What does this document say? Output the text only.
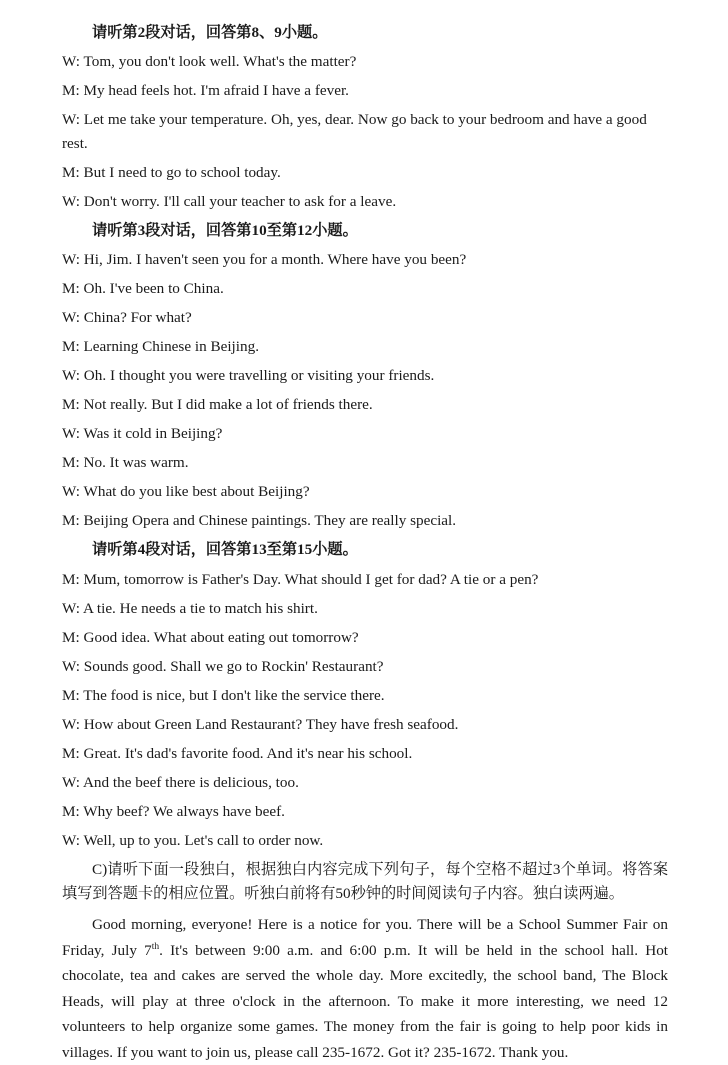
请听第2段对话，回答第8、9小题。

W: Tom, you don't look well. What's the matter?

M: My head feels hot. I'm afraid I have a fever.

W: Let me take your temperature. Oh, yes, dear. Now go back to your bedroom and have a good rest.

M: But I need to go to school today.

W: Don't worry. I'll call your teacher to ask for a leave.

请听第3段对话，回答第10至第12小题。

W: Hi, Jim. I haven't seen you for a month. Where have you been?

M: Oh. I've been to China.

W: China? For what?

M: Learning Chinese in Beijing.

W: Oh. I thought you were travelling or visiting your friends.

M: Not really. But I did make a lot of friends there.

W: Was it cold in Beijing?

M: No. It was warm.

W: What do you like best about Beijing?

M: Beijing Opera and Chinese paintings. They are really special.

请听第4段对话，回答第13至第15小题。

M: Mum, tomorrow is Father's Day. What should I get for dad? A tie or a pen?

W: A tie. He needs a tie to match his shirt.

M: Good idea. What about eating out tomorrow?

W: Sounds good. Shall we go to Rockin' Restaurant?

M: The food is nice, but I don't like the service there.

W: How about Green Land Restaurant? They have fresh seafood.

M: Great. It's dad's favorite food. And it's near his school.

W: And the beef there is delicious, too.

M: Why beef? We always have beef.

W: Well, up to you. Let's call to order now.

C)请听下面一段独白，根据独白内容完成下列句子，每个空格不超过3个单词。将答案填写到答题卡的相应位置。听独白前将有50秒钟的时间阅读句子内容。独白读两遍。

Good morning, everyone! Here is a notice for you. There will be a School Summer Fair on Friday, July 7th. It's between 9:00 a.m. and 6:00 p.m. It will be held in the school hall. Hot chocolate, tea and cakes are served the whole day. More excitedly, the school band, The Block Heads, will play at three o'clock in the afternoon. To make it more interesting, we need 12 volunteers to help organize some games. The money from the fair is going to help poor kids in villages. If you want to join us, please call 235-1672. Got it? 235-1672. Thank you.
